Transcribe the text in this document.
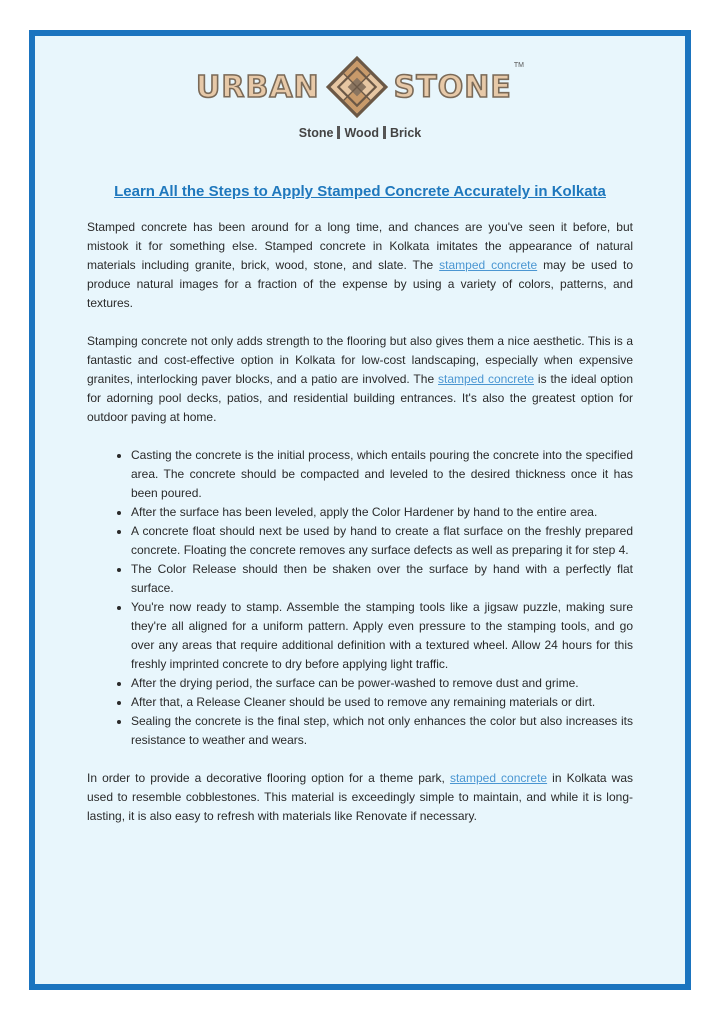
URBAN STONE
TM
Stone Wood Brick
Learn All the Steps to Apply Stamped Concrete Accurately in Kolkata

Stamped concrete has been around for a long time, and chances are you've seen it before, but mistook it for something else. Stamped concrete in Kolkata imitates the appearance of natural materials including granite, brick, wood, stone, and slate. The stamped concrete may be used to produce natural images for a fraction of the expense by using a variety of colors, patterns, and textures.

Stamping concrete not only adds strength to the flooring but also gives them a nice aesthetic. This is a fantastic and cost-effective option in Kolkata for low-cost landscaping, especially when expensive granites, interlocking paver blocks, and a patio are involved. The stamped concrete is the ideal option for adorning pool decks, patios, and residential building entrances. It's also the greatest option for outdoor paving at home.

• Casting the concrete is the initial process, which entails pouring the concrete into the specified area. The concrete should be compacted and leveled to the desired thickness once it has been poured.
• After the surface has been leveled, apply the Color Hardener by hand to the entire area.
• A concrete float should next be used by hand to create a flat surface on the freshly prepared concrete. Floating the concrete removes any surface defects as well as preparing it for step 4.
• The Color Release should then be shaken over the surface by hand with a perfectly flat surface.
• You're now ready to stamp. Assemble the stamping tools like a jigsaw puzzle, making sure they're all aligned for a uniform pattern. Apply even pressure to the stamping tools, and go over any areas that require additional definition with a textured wheel. Allow 24 hours for this freshly imprinted concrete to dry before applying light traffic.
• After the drying period, the surface can be power-washed to remove dust and grime.
• After that, a Release Cleaner should be used to remove any remaining materials or dirt.
• Sealing the concrete is the final step, which not only enhances the color but also increases its resistance to weather and wears.

In order to provide a decorative flooring option for a theme park, stamped concrete in Kolkata was used to resemble cobblestones. This material is exceedingly simple to maintain, and while it is long-lasting, it is also easy to refresh with materials like Renovate if necessary.
